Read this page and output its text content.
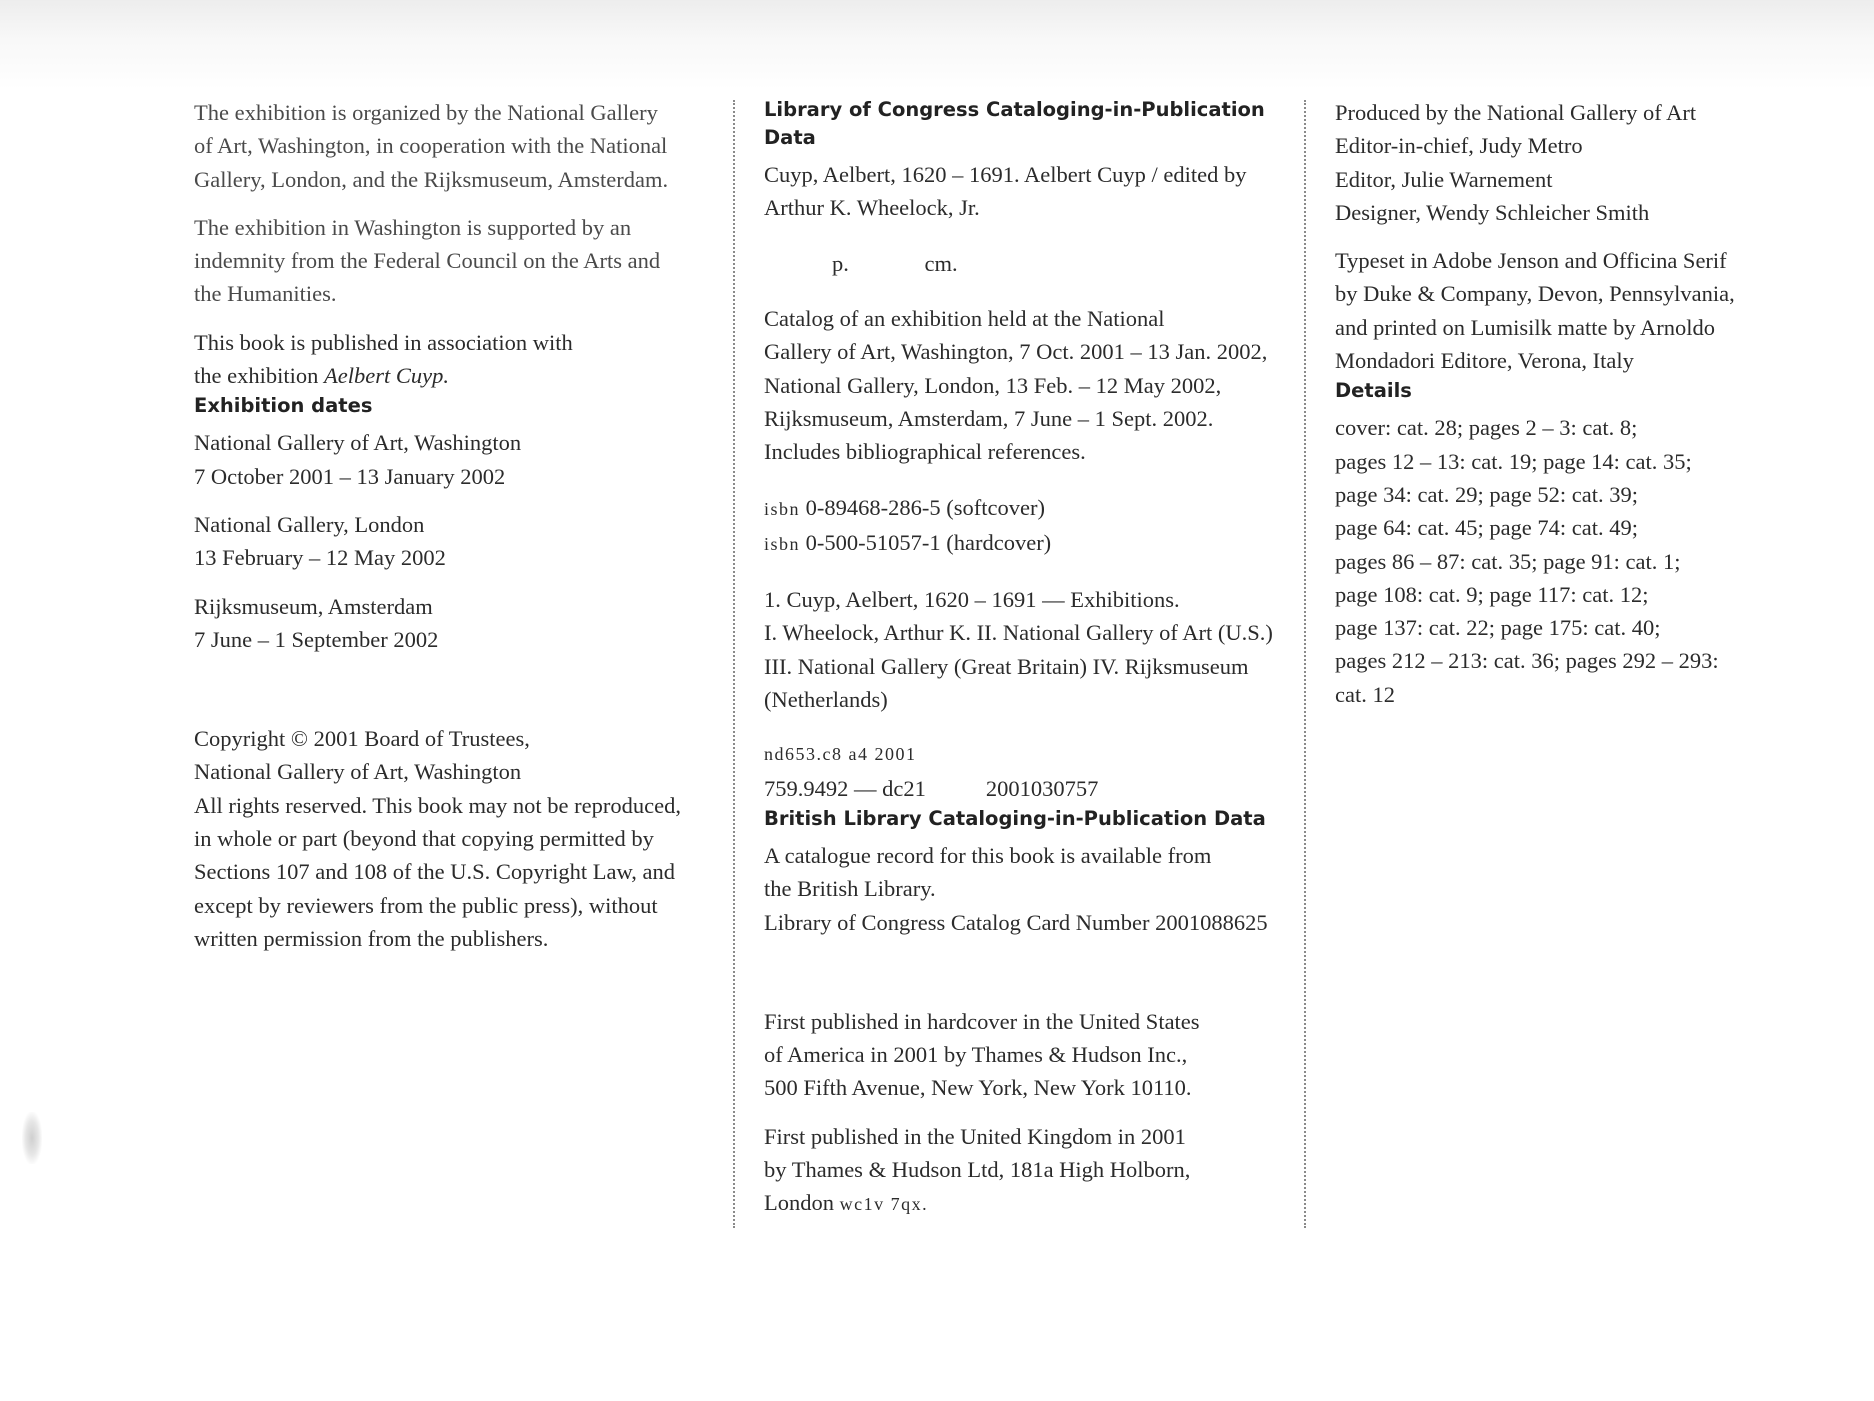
The exhibition is organized by the National Gallery
of Art, Washington, in cooperation with the National
Gallery, London, and the Rijksmuseum, Amsterdam.

The exhibition in Washington is supported by an
indemnity from the Federal Council on the Arts and
the Humanities.

This book is published in association with
the exhibition Aelbert Cuyp.

Exhibition dates

National Gallery of Art, Washington
7 October 2001 – 13 January 2002

National Gallery, London
13 February – 12 May 2002

Rijksmuseum, Amsterdam
7 June – 1 September 2002

Copyright © 2001 Board of Trustees,
National Gallery of Art, Washington

All rights reserved. This book may not be reproduced,
in whole or part (beyond that copying permitted by
Sections 107 and 108 of the U.S. Copyright Law, and
except by reviewers from the public press), without
written permission from the publishers.

Library of Congress Cataloging-in-Publication Data

Cuyp, Aelbert, 1620 – 1691. Aelbert Cuyp / edited by
Arthur K. Wheelock, Jr.

p.	cm.

Catalog of an exhibition held at the National
Gallery of Art, Washington, 7 Oct. 2001 – 13 Jan. 2002,
National Gallery, London, 13 Feb. – 12 May 2002,
Rijksmuseum, Amsterdam, 7 June – 1 Sept. 2002.
Includes bibliographical references.

isbn 0-89468-286-5 (softcover)

isbn 0-500-51057-1 (hardcover)

1. Cuyp, Aelbert, 1620 – 1691 — Exhibitions.
I. Wheelock, Arthur K. II. National Gallery of Art (U.S.)
III. National Gallery (Great Britain) IV. Rijksmuseum
(Netherlands)

nd653.c8 a4 2001

759.9492 — dc21	2001030757

British Library Cataloging-in-Publication Data

A catalogue record for this book is available from
the British Library.
Library of Congress Catalog Card Number 2001088625

First published in hardcover in the United States
of America in 2001 by Thames & Hudson Inc.,
500 Fifth Avenue, New York, New York 10110.

First published in the United Kingdom in 2001
by Thames & Hudson Ltd, 181a High Holborn,
London wc1v 7qx.

Produced by the National Gallery of Art
Editor-in-chief, Judy Metro
Editor, Julie Warnement
Designer, Wendy Schleicher Smith

Typeset in Adobe Jenson and Officina Serif
by Duke & Company, Devon, Pennsylvania,
and printed on Lumisilk matte by Arnoldo
Mondadori Editore, Verona, Italy

Details

cover: cat. 28; pages 2 – 3: cat. 8;
pages 12 – 13: cat. 19; page 14: cat. 35;
page 34: cat. 29; page 52: cat. 39;
page 64: cat. 45; page 74: cat. 49;
pages 86 – 87: cat. 35; page 91: cat. 1;
page 108: cat. 9; page 117: cat. 12;
page 137: cat. 22; page 175: cat. 40;
pages 212 – 213: cat. 36; pages 292 – 293:
cat. 12
